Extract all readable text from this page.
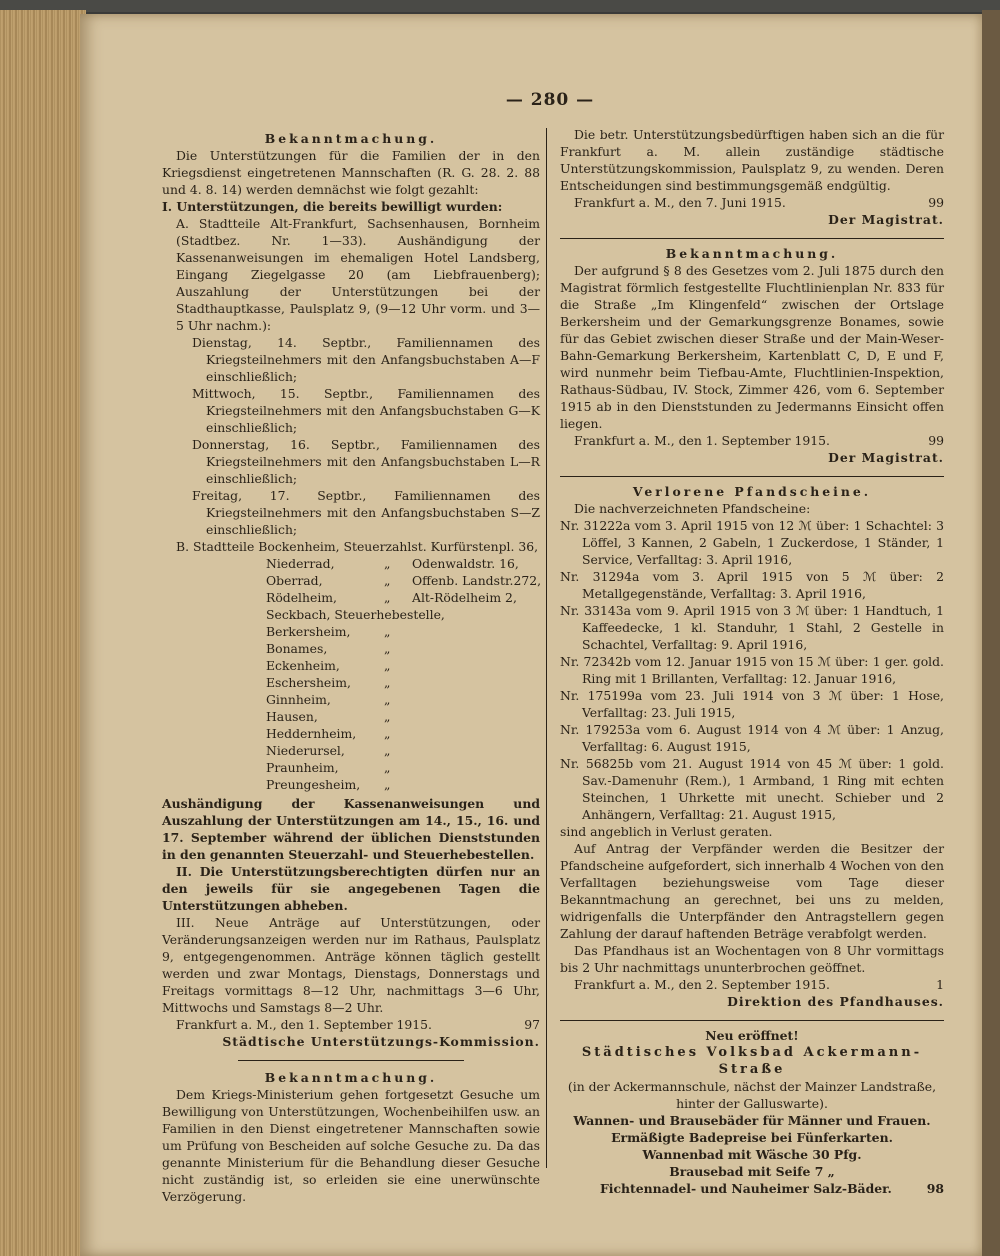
— 280 —

Bekanntmachung.

Die Unterstützungen für die Familien der in den Kriegsdienst eingetretenen Mannschaften (R. G. 28. 2. 88 und 4. 8. 14) werden demnächst wie folgt gezahlt:

I. Unterstützungen, die bereits bewilligt wurden:

A. Stadtteile Alt-Frankfurt, Sachsenhausen, Bornheim (Stadtbez. Nr. 1—33). Aushändigung der Kassenanweisungen im ehemaligen Hotel Landsberg, Eingang Ziegelgasse 20 (am Liebfrauenberg); Auszahlung der Unterstützungen bei der Stadthauptkasse, Paulsplatz 9, (9—12 Uhr vorm. und 3—5 Uhr nachm.):

Dienstag, 14. Septbr., Familiennamen des Kriegsteilnehmers mit den Anfangsbuchstaben A—F einschließlich;

Mittwoch, 15. Septbr., Familiennamen des Kriegsteilnehmers mit den Anfangsbuchstaben G—K einschließlich;

Donnerstag, 16. Septbr., Familiennamen des Kriegsteilnehmers mit den Anfangsbuchstaben L—R einschließlich;

Freitag, 17. Septbr., Familiennamen des Kriegsteilnehmers mit den Anfangsbuchstaben S—Z einschließlich;

B. Stadtteile Bockenheim, Steuerzahlst. Kurfürstenpl. 36,

Niederrad,	„ Odenwaldstr. 16,
Oberrad,	„ Offenb. Landstr.272,
Rödelheim,	„ Alt-Rödelheim 2,
Seckbach, Steuerhebestelle,
Berkersheim,	„
Bonames,	„
Eckenheim,	„
Eschersheim,	„
Ginnheim,	„
Hausen,	„
Heddernheim, „
Niederursel,	„
Praunheim,	„
Preungesheim, „

Aushändigung der Kassenanweisungen und Auszahlung der Unterstützungen am 14., 15., 16. und 17. September während der üblichen Dienststunden in den genannten Steuerzahl- und Steuerhebestellen.

II. Die Unterstützungsberechtigten dürfen nur an den jeweils für sie angegebenen Tagen die Unterstützungen abheben.

III. Neue Anträge auf Unterstützungen, oder Veränderungsanzeigen werden nur im Rathaus, Paulsplatz 9, entgegengenommen. Anträge können täglich gestellt werden und zwar Montags, Dienstags, Donnerstags und Freitags vormittags 8—12 Uhr, nachmittags 3—6 Uhr, Mittwochs und Samstags 8—2 Uhr.

Frankfurt a. M., den 1. September 1915.	97

Städtische Unterstützungs-Kommission.

Bekanntmachung.

Dem Kriegs-Ministerium gehen fortgesetzt Gesuche um Bewilligung von Unterstützungen, Wochenbeihilfen usw. an Familien in den Dienst eingetretener Mannschaften sowie um Prüfung von Bescheiden auf solche Gesuche zu. Da das genannte Ministerium für die Behandlung dieser Gesuche nicht zuständig ist, so erleiden sie eine unerwünschte Verzögerung.

Die betr. Unterstützungsbedürftigen haben sich an die für Frankfurt a. M. allein zuständige städtische Unterstützungskommission, Paulsplatz 9, zu wenden. Deren Entscheidungen sind bestimmungsgemäß endgültig.

Frankfurt a. M., den 7. Juni 1915.	99

Der Magistrat.

Bekanntmachung.

Der aufgrund § 8 des Gesetzes vom 2. Juli 1875 durch den Magistrat förmlich festgestellte Fluchtlinienplan Nr. 833 für die Straße „Im Klingenfeld“ zwischen der Ortslage Berkersheim und der Gemarkungsgrenze Bonames, sowie für das Gebiet zwischen dieser Straße und der Main-Weser-Bahn-Gemarkung Berkersheim, Kartenblatt C, D, E und F, wird nunmehr beim Tiefbau-Amte, Fluchtlinien-Inspektion, Rathaus-Südbau, IV. Stock, Zimmer 426, vom 6. September 1915 ab in den Dienststunden zu Jedermanns Einsicht offen liegen.

Frankfurt a. M., den 1. September 1915.	99

Der Magistrat.

Verlorene Pfandscheine.

Die nachverzeichneten Pfandscheine:

Nr. 31222a vom 3. April 1915 von 12 ℳ über: 1 Schachtel: 3 Löffel, 3 Kannen, 2 Gabeln, 1 Zuckerdose, 1 Ständer, 1 Service, Verfalltag: 3. April 1916,

Nr. 31294a vom 3. April 1915 von 5 ℳ über: 2 Metallgegenstände, Verfalltag: 3. April 1916,

Nr. 33143a vom 9. April 1915 von 3 ℳ über: 1 Handtuch, 1 Kaffeedecke, 1 kl. Standuhr, 1 Stahl, 2 Gestelle in Schachtel, Verfalltag: 9. April 1916,

Nr. 72342b vom 12. Januar 1915 von 15 ℳ über: 1 ger. gold. Ring mit 1 Brillanten, Verfalltag: 12. Januar 1916,

Nr. 175199a vom 23. Juli 1914 von 3 ℳ über: 1 Hose, Verfalltag: 23. Juli 1915,

Nr. 179253a vom 6. August 1914 von 4 ℳ über: 1 Anzug, Verfalltag: 6. August 1915,

Nr. 56825b vom 21. August 1914 von 45 ℳ über: 1 gold. Sav.-Damenuhr (Rem.), 1 Armband, 1 Ring mit echten Steinchen, 1 Uhrkette mit unecht. Schieber und 2 Anhängern, Verfalltag: 21. August 1915,

sind angeblich in Verlust geraten.

Auf Antrag der Verpfänder werden die Besitzer der Pfandscheine aufgefordert, sich innerhalb 4 Wochen von den Verfalltagen beziehungsweise vom Tage dieser Bekanntmachung an gerechnet, bei uns zu melden, widrigenfalls die Unterpfänder den Antragstellern gegen Zahlung der darauf haftenden Beträge verabfolgt werden.

Das Pfandhaus ist an Wochentagen von 8 Uhr vormittags bis 2 Uhr nachmittags ununterbrochen geöffnet.

Frankfurt a. M., den 2. September 1915.	1

Direktion des Pfandhauses.

Neu eröffnet!

Städtisches Volksbad Ackermann-Straße

(in der Ackermannschule, nächst der Mainzer Landstraße, hinter der Galluswarte).

Wannen- und Brausebäder für Männer und Frauen.

Ermäßigte Badepreise bei Fünferkarten.

Wannenbad mit Wäsche 30 Pfg.

Brausebad mit Seife 7 „

Fichtennadel- und Nauheimer Salz-Bäder.	98
